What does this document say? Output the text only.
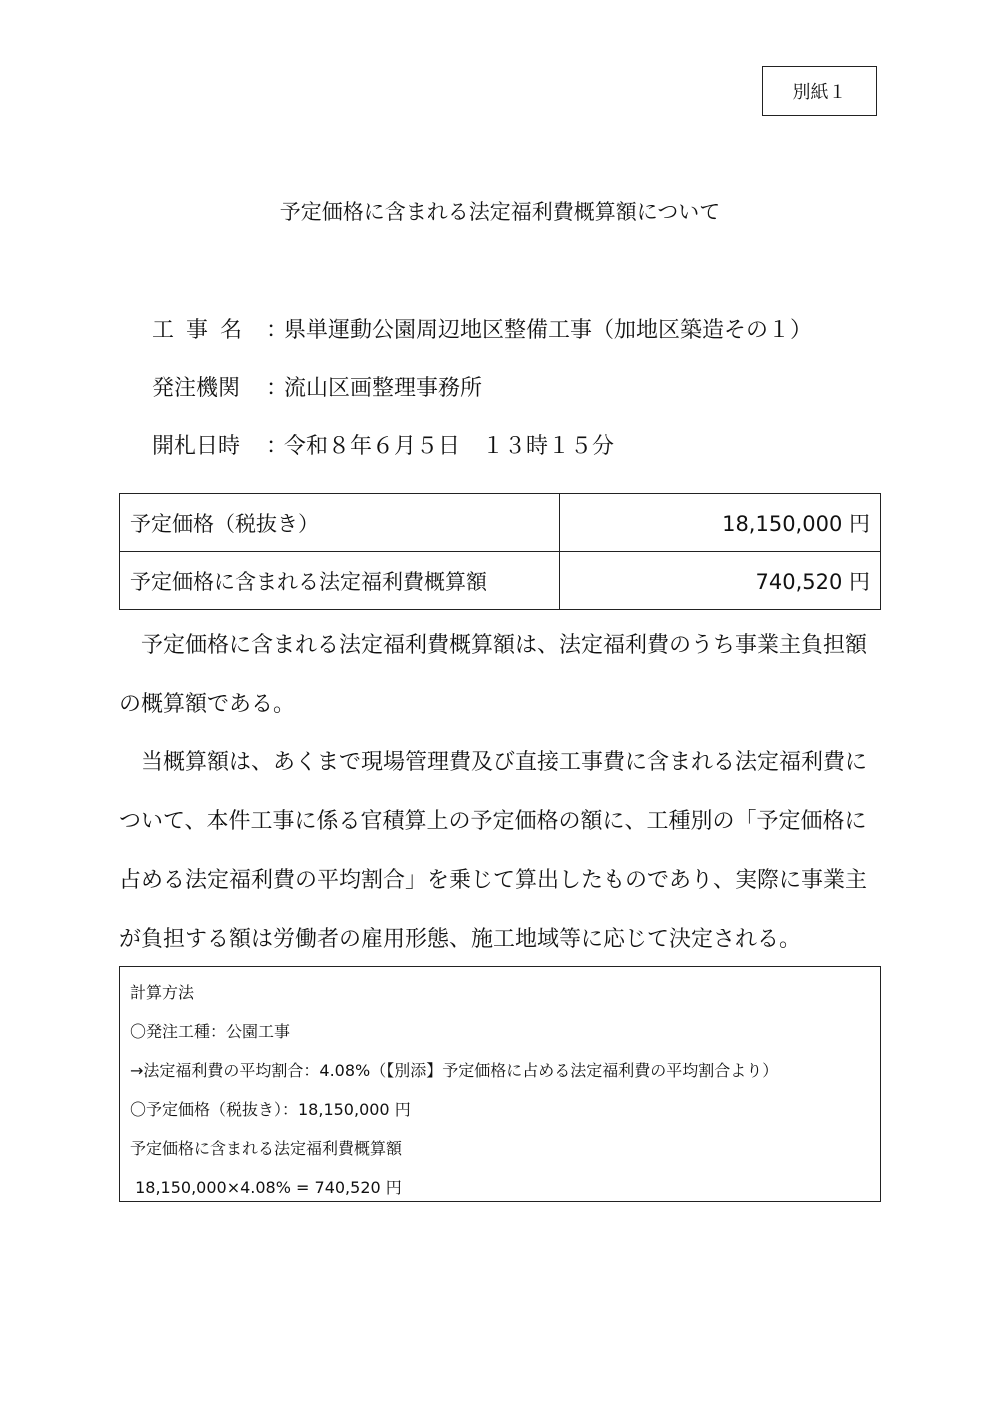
別紙１
予定価格に含まれる法定福利費概算額について
工事名 ：
県単運動公園周辺地区整備工事（加地区築造その１）
発注機関	：
流山区画整理事務所
開札日時	：
令和８年６月５日　１３時１５分
予定価格（税抜き）	18,150,000 円
予定価格に含まれる法定福利費概算額	740,520 円

　予定価格に含まれる法定福利費概算額は、法定福利費のうち事業主負担額の概算額である。

　当概算額は、あくまで現場管理費及び直接工事費に含まれる法定福利費について、本件工事に係る官積算上の予定価格の額に、工種別の「予定価格に占める法定福利費の平均割合」を乗じて算出したものであり、実際に事業主が負担する額は労働者の雇用形態、施工地域等に応じて決定される。

計算方法
〇発注工種：公園工事
→法定福利費の平均割合：4.08%（【別添】予定価格に占める法定福利費の平均割合より）
〇予定価格（税抜き）：18,150,000 円
予定価格に含まれる法定福利費概算額
18,150,000×4.08% = 740,520 円
